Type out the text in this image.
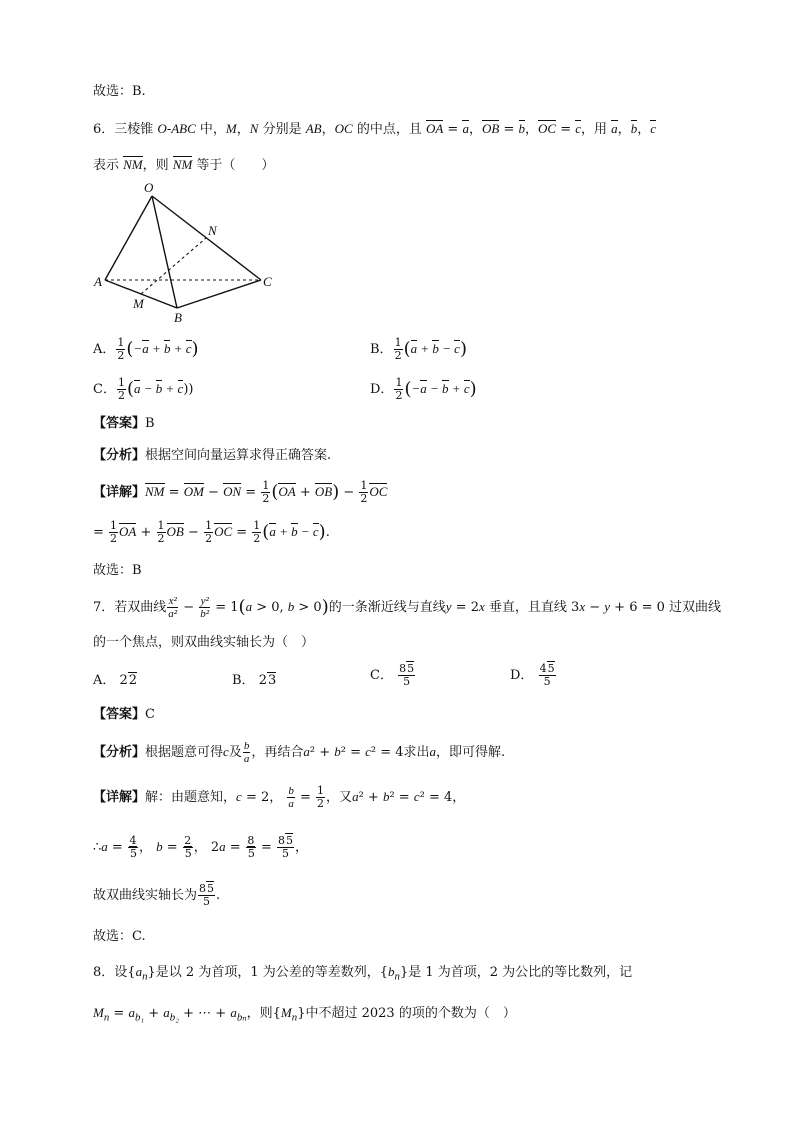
故选：B.
6．三棱锥 O-ABC 中，M，N 分别是 AB，OC 的中点，且 OA = a，OB = b，OC = c，用 a，b，c
表示 NM，则 NM 等于（　　）
O
N
A	C
M
B
A． $\frac{1}{2} (-a + b + c)$	B． $\frac{1}{2} (a + b - c)$
C． $\frac{1}{2} (a - b + c)$)	D． $\frac{1}{2} (-a - b + c)$
【答案】B
【分析】根据空间向量运算求得正确答案.
【详解】NM = OM − ON = $\frac{1}{2} (OA + OB) - \frac{1}{2}$ OC
= $\frac{1}{2}$ OA + $\frac{1}{2}$ OB − $\frac{1}{2}$ OC = $\frac{1}{2} (a + b - c)$.
故选：B
7．若双曲线 $\frac{\text{x²}}{\text{a²}} - \frac{\text{y²}}{\text{b²}} = 1(a > 0$, b > 0)的一条渐近线与直线y = 2x 垂直，且直线 3x − y + 6 = 0 过双曲线
的一个焦点，则双曲线实轴长为（　）
A． 22	B． 23	C． $\frac{85}{5}$	D． $\frac{45}{5}$
【答案】C
【分析】根据题意可得c及 $\frac{b}{a}$ ，再结合a² + b² = c² = 4求出a，即可得解.
【详解】解：由题意知，c = 2， $\frac{b}{a} = \frac{1}{2}$ ，又a² + b² = c² = 4，
∴a = $\frac{4}{5}$ ， $b = \frac{2}{5}$ ， $2a = \frac{8}{5} = \frac{85}{5}$ ，
故双曲线实轴长为 $\frac{85}{5}$ .
故选：C.
8．设$\{a_n\}$是以 2 为首项，1 为公差的等差数列，$\{b_n\}$是 1 为首项，2 为公比的等比数列，记
$M_n = a_{b_1} + a_{b_2}$ + ⋯ + $a_{b_n}$，则$\{M_n\}$中不超过 2023 的项的个数为（　）
